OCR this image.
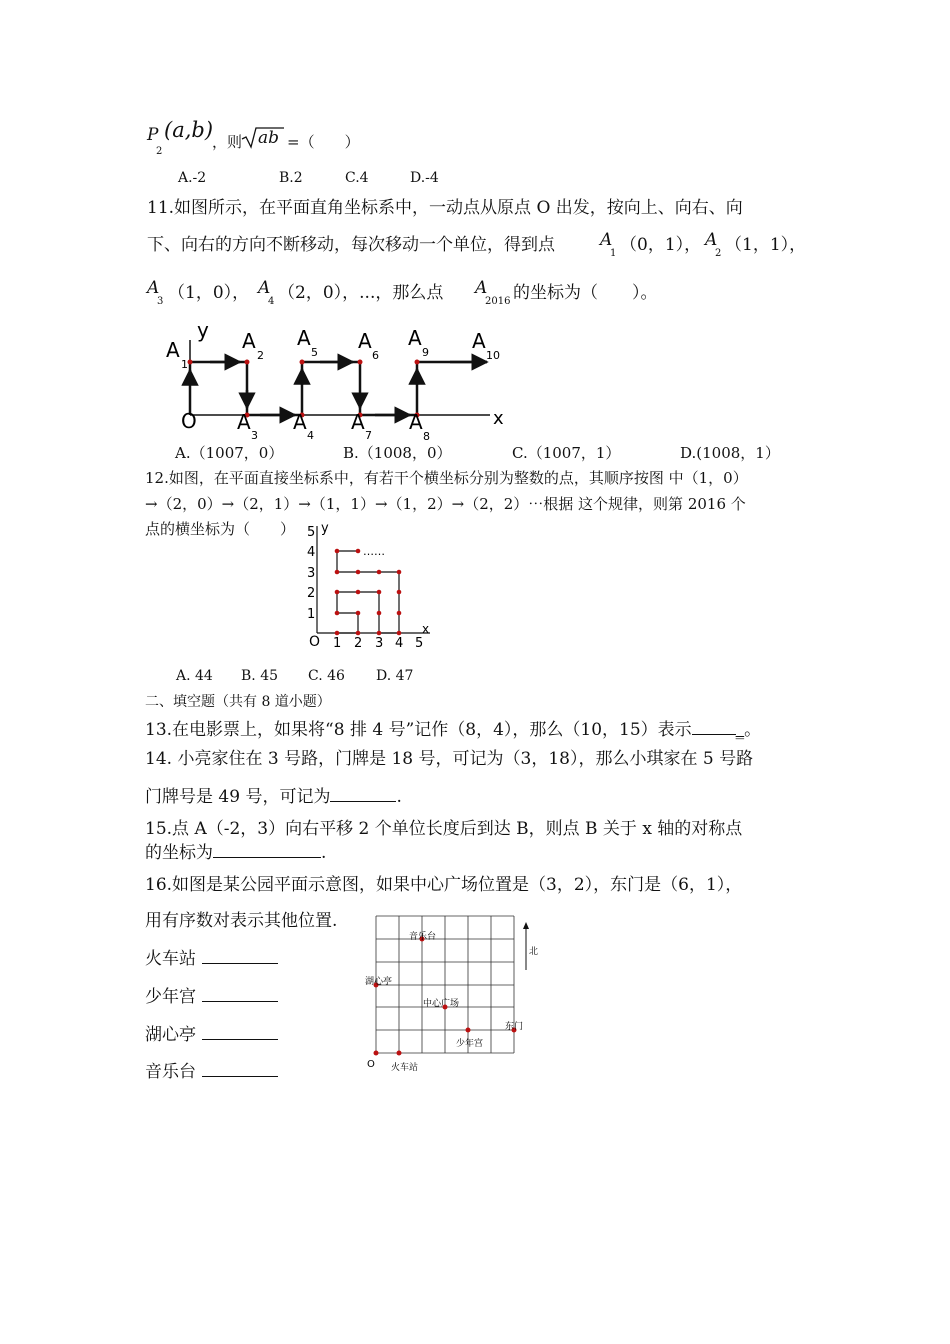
P
2
(a,b)
，则 ab =（　　）
A.-2	B.2	C.4	D.-4
11.如图所示，在平面直角坐标系中，一动点从原点 O 出发，按向上、向右、向
下、向右的方向不断移动，每次移动一个单位，得到点	A
1 （0，1）， A
2 （1，1），
A
3 （1，0）， A
4 （2，0），...，那么点 A
2016 的坐标为（　　）。
y
x
O
A
1
A
2
A
3
A
4
A
5 A
6
A
7
A
8
A
9 A
10
A.（1007，0）	B.（1008，0）	C.（1007，1）	D.(1008，1）
12.如图，在平面直接坐标系中，有若干个横坐标分别为整数的点，其顺序按图 中（1，0）
→（2，0）→（2，1）→（1，1）→（1，2）→（2，2）⋯根据 这个规律，则第 2016 个
点的横坐标为（　　）
……
y
x
O 1 2 3 4 5
1
2
3
4
5
A. 44 B. 45 C. 46 D. 47
二、填空题（共有 8 道小题）
13.在电影票上，如果将“8 排 4 号”记作（8，4），那么（10，15）表示	_。
14. 小亮家住在 3 号路，门牌是 18 号，可记为（3，18），那么小琪家在 5 号路
门牌号是 49 号，可记为	.
15.点 A（-2，3）向右平移 2 个单位长度后到达 B，则点 B 关于 x 轴的对称点
的坐标为	.
16.如图是某公园平面示意图，如果中心广场位置是（3，2），东门是（6，1），
用有序数对表示其他位置.
火车站
少年宫
湖心亭
音乐台
北
音乐台
湖心亭
中心广场
东门
少年宫
火车站
O
